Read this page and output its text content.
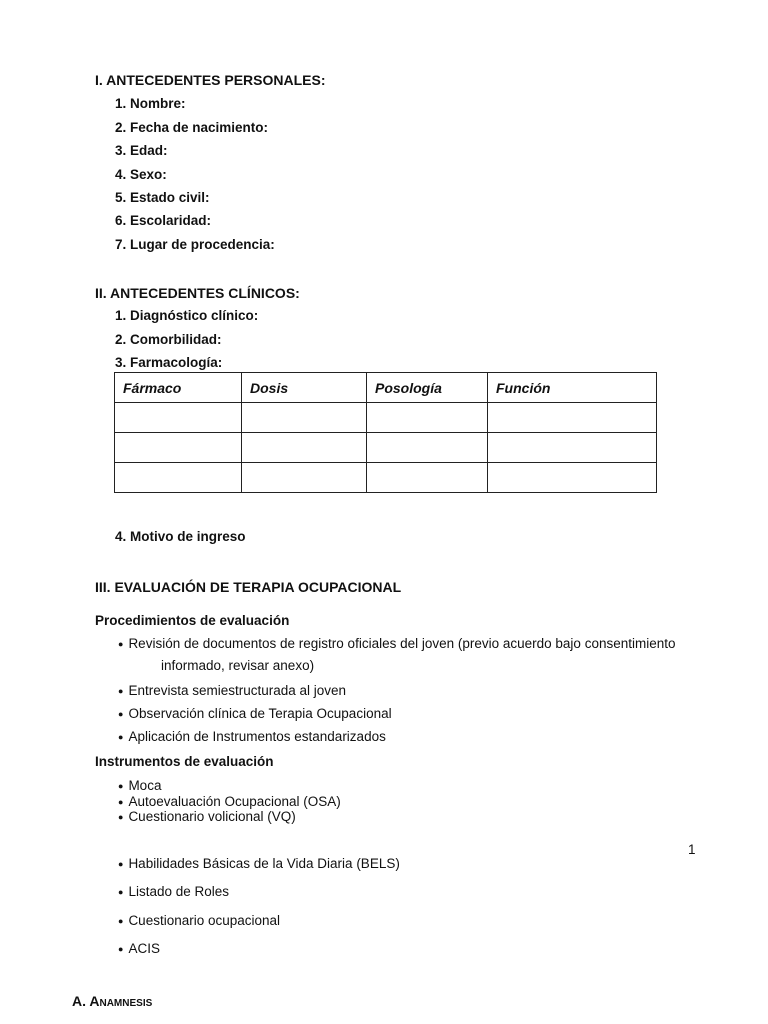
I. ANTECEDENTES PERSONALES:
1. Nombre:
2. Fecha de nacimiento:
3. Edad:
4. Sexo:
5. Estado civil:
6. Escolaridad:
7. Lugar de procedencia:
II. ANTECEDENTES CLÍNICOS:
1. Diagnóstico clínico:
2. Comorbilidad:
3. Farmacología:
Fármaco	Dosis	Posología	Función

4. Motivo de ingreso
III. EVALUACIÓN DE TERAPIA OCUPACIONAL
Procedimientos de evaluación
● Revisión de documentos de registro oficiales del joven (previo acuerdo bajo consentimiento
informado, revisar anexo)
● Entrevista semiestructurada al joven
● Observación clínica de Terapia Ocupacional
● Aplicación de Instrumentos estandarizados
Instrumentos de evaluación
● Moca
● Autoevaluación Ocupacional (OSA)
● Cuestionario volicional (VQ)
1
● Habilidades Básicas de la Vida Diaria (BELS)
● Listado de Roles
● Cuestionario ocupacional
● ACIS
A. Anamnesis
